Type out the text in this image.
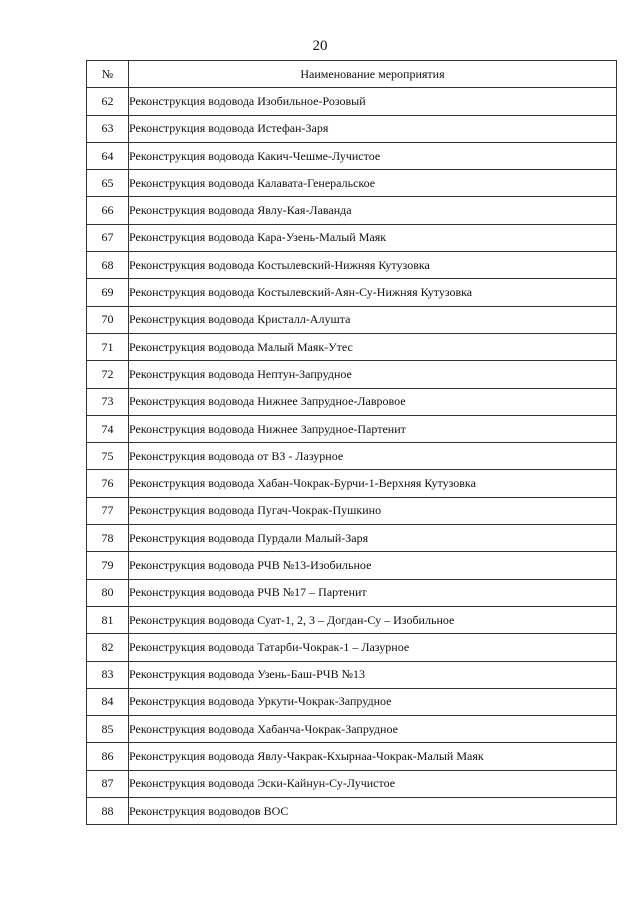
20
№	Наименование мероприятия
62	Реконструкция водовода Изобильное-Розовый
63	Реконструкция водовода Истефан-Заря
64	Реконструкция водовода Какич-Чешме-Лучистое
65	Реконструкция водовода Калавата-Генеральское
66	Реконструкция водовода Явлу-Кая-Лаванда
67	Реконструкция водовода Кара-Узень-Малый Маяк
68	Реконструкция водовода Костылевский-Нижняя Кутузовка
69	Реконструкция водовода Костылевский-Аян-Су-Нижняя Кутузовка
70	Реконструкция водовода Кристалл-Алушта
71	Реконструкция водовода Малый Маяк-Утес
72	Реконструкция водовода Нептун-Запрудное
73	Реконструкция водовода Нижнее Запрудное-Лавровое
74	Реконструкция водовода Нижнее Запрудное-Партенит
75	Реконструкция водовода от ВЗ - Лазурное
76	Реконструкция водовода Хабан-Чокрак-Бурчи-1-Верхняя Кутузовка
77	Реконструкция водовода Пугач-Чокрак-Пушкино
78	Реконструкция водовода Пурдали Малый-Заря
79	Реконструкция водовода РЧВ №13-Изобильное
80	Реконструкция водовода РЧВ №17 – Партенит
81	Реконструкция водовода Суат-1, 2, 3 – Догдан-Су – Изобильное
82	Реконструкция водовода Татарби-Чокрак-1 – Лазурное
83	Реконструкция водовода Узень-Баш-РЧВ №13
84	Реконструкция водовода Уркути-Чокрак-Запрудное
85	Реконструкция водовода Хабанча-Чокрак-Запрудное
86	Реконструкция водовода Явлу-Чакрак-Кхырнаа-Чокрак-Малый Маяк
87	Реконструкция водовода Эски-Кайнун-Су-Лучистое
88	Реконструкция водоводов ВОС
